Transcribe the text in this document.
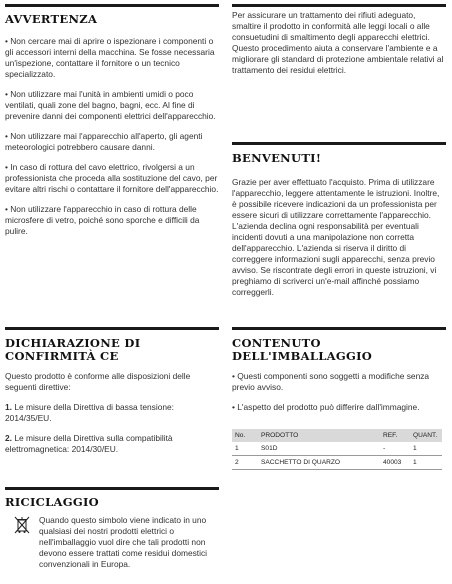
AVVERTENZA
• Non cercare mai di aprire o ispezionare i componenti o gli accessori interni della macchina. Se fosse necessaria un'ispezione, contattare il fornitore o un tecnico specializzato.
• Non utilizzare mai l'unità in ambienti umidi o poco ventilati, quali zone del bagno, bagni, ecc. Al fine di prevenire danni dei componenti elettrici dell'apparecchio.
• Non utilizzare mai l'apparecchio all'aperto, gli agenti meteorologici potrebbero causare danni.
• In caso di rottura del cavo elettrico, rivolgersi a un professionista che proceda alla sostituzione del cavo, per evitare altri rischi o contattare il fornitore dell'apparecchio.
• Non utilizzare l'apparecchio in caso di rottura delle microsfere di vetro, poiché sono sporche e difficili da pulire.
Per assicurare un trattamento dei rifiuti adeguato, smaltire il prodotto in conformità alle leggi locali o alle consuetudini di smaltimento degli apparecchi elettrici. Questo procedimento aiuta a conservare l'ambiente e a migliorare gli standard di protezione ambientale relativi al trattamento dei residui elettrici.
BENVENUTI!
Grazie per aver effettuato l'acquisto. Prima di utilizzare l'apparecchio, leggere attentamente le istruzioni. Inoltre, è possibile ricevere indicazioni da un professionista per essere sicuri di utilizzare correttamente l'apparecchio. L'azienda declina ogni responsabilità per eventuali incidenti dovuti a una manipolazione non corretta dell'apparecchio. L'azienda si riserva il diritto di correggere informazioni sugli apparecchi, senza previo avviso. Se riscontrate degli errori in queste istruzioni, vi preghiamo di scriverci un'e-mail affinché possiamo correggerli.
DICHIARAZIONE DI
CONFIRMITÀ CE
Questo prodotto è conforme alle disposizioni delle seguenti direttive:
1. Le misure della Direttiva di bassa tensione: 2014/35/EU.
2. Le misure della Direttiva sulla compatibilità elettromagnetica: 2014/30/EU.
RICICLAGGIO
Quando questo simbolo viene indicato in uno qualsiasi dei nostri prodotti elettrici o nell'imballaggio vuol dire che tali prodotti non devono essere trattati come residui domestici convenzionali in Europa.
CONTENUTO
DELL'IMBALLAGGIO
• Questi componenti sono soggetti a modifiche senza previo avviso.
• L'aspetto del prodotto può differire dall'immagine.
No.	PRODOTTO	REF.	QUANT.
1	S01D	-	1
2	SACCHETTO DI QUARZO	40003	1
